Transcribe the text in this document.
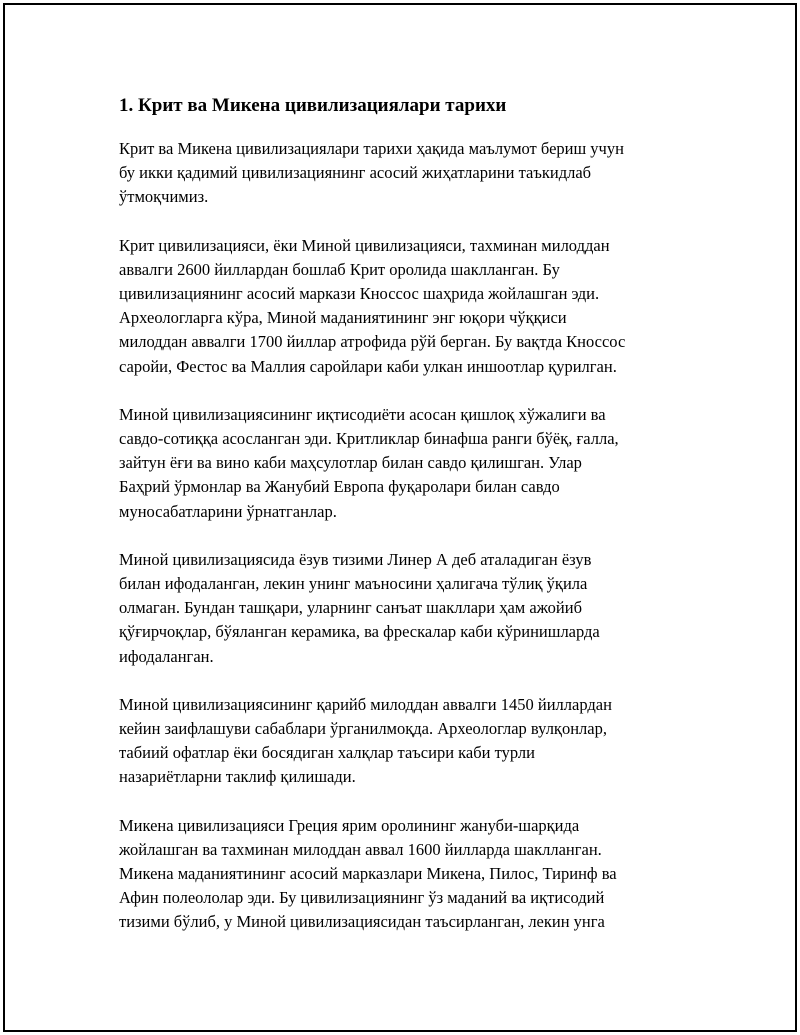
1. Крит ва Микена цивилизациялари тарихи

Крит ва Микена цивилизациялари тарихи ҳақида маълумот бериш учун
бу икки қадимий цивилизациянинг асосий жиҳатларини таъкидлаб
ўтмоқчимиз.

Крит цивилизацияси, ёки Миной цивилизацияси, тахминан милоддан
аввалги 2600 йиллардан бошлаб Крит оролида шаклланган. Бу
цивилизациянинг асосий маркази Кноссос шаҳрида жойлашган эди.
Археологларга кўра, Миной маданиятининг энг юқори чўққиси
милоддан аввалги 1700 йиллар атрофида рўй берган. Бу вақтда Кноссос
саройи, Фестос ва Маллия саройлари каби улкан иншоотлар қурилган.

Миной цивилизациясининг иқтисодиёти асосан қишлоқ хўжалиги ва
савдо-сотиққа асосланган эди. Критликлар бинафша ранги бўёқ, ғалла,
зайтун ёғи ва вино каби маҳсулотлар билан савдо қилишган. Улар
Баҳрий ўрмонлар ва Жанубий Европа фуқаролари билан савдо
муносабатларини ўрнатганлар.

Миной цивилизациясида ёзув тизими Линер А деб аталадиган ёзув
билан ифодаланган, лекин унинг маъносини ҳалигача тўлиқ ўқила
олмаган. Бундан ташқари, уларнинг санъат шакллари ҳам ажойиб
қўғирчоқлар, бўяланган керамика, ва фрескалар каби кўринишларда
ифодаланган.

Миной цивилизациясининг қарийб милоддан аввалги 1450 йиллардан
кейин заифлашуви сабаблари ўрганилмоқда. Археологлар вулқонлар,
табиий офатлар ёки босядиган халқлар таъсири каби турли
назариётларни таклиф қилишади.

Микена цивилизацияси Греция ярим оролининг жануби-шарқида
жойлашган ва тахминан милоддан аввал 1600 йилларда шаклланган.
Микена маданиятининг асосий марказлари Микена, Пилос, Тиринф ва
Афин полеололар эди. Бу цивилизациянинг ўз маданий ва иқтисодий
тизими бўлиб, у Миной цивилизациясидан таъсирланган, лекин унга
